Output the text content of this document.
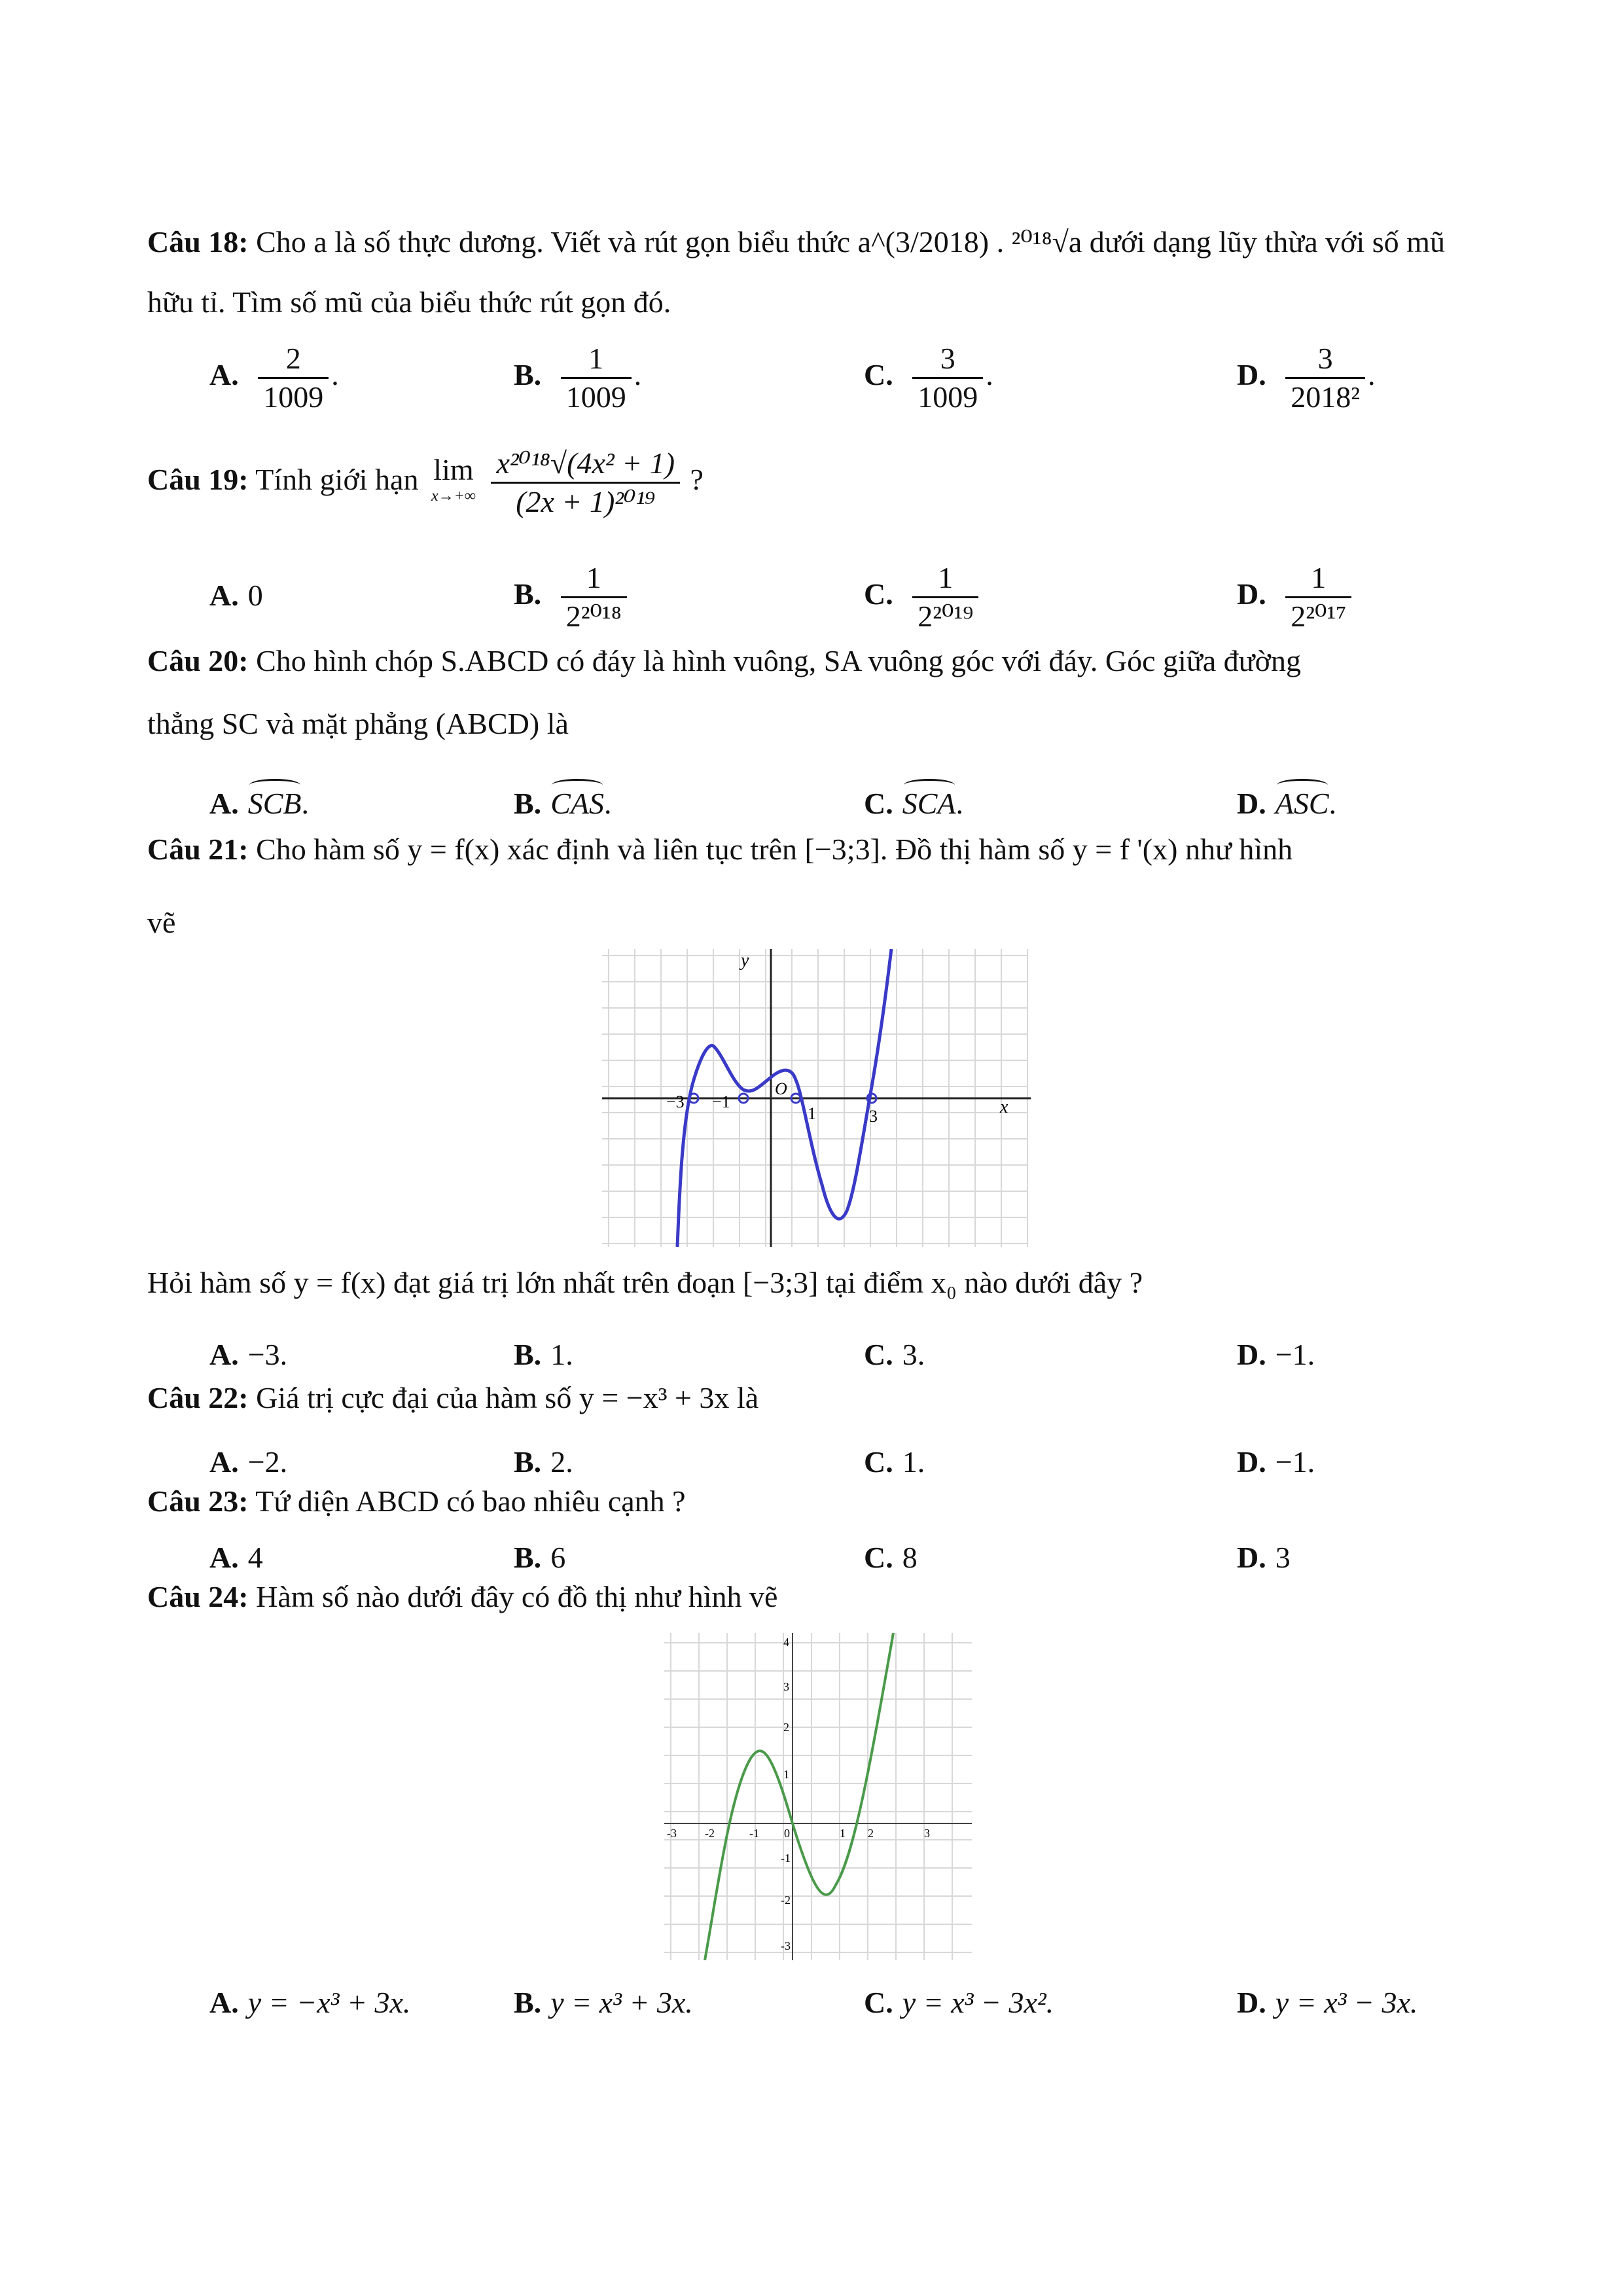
Câu 18: Cho a là số thực dương. Viết và rút gọn biểu thức a^(3/2018) . ²⁰¹⁸√a dưới dạng lũy thừa với số mũ
hữu tỉ. Tìm số mũ của biểu thức rút gọn đó.
A. $\frac{2}{1009}$ .	B. $\frac{1}{1009}$ .	C. $\frac{3}{1009}$ .	D. $\frac{3}{\text{2018²}}$ .
Câu 19: Tính giới hạn lim
x→+∞
$\frac{\text{x²⁰¹⁸√(4x² + 1)}}{\text{(2x + 1)²⁰¹⁹}}$ ?
A. 0	B. $\frac{1}{\text{2²⁰¹⁸}}$	C. $\frac{1}{\text{2²⁰¹⁹}}$	D. $\frac{1}{\text{2²⁰¹⁷}}$
Câu 20: Cho hình chóp S.ABCD có đáy là hình vuông, SA vuông góc với đáy. Góc giữa đường
thẳng SC và mặt phẳng (ABCD) là
A. SCB.	B. CAS.	C. SCA.	D. ASC.
Câu 21: Cho hàm số y = f(x) xác định và liên tục trên [−3;3]. Đồ thị hàm số y = f '(x) như hình
vẽ
−3 −1
O
1	3	x
y
Hỏi hàm số y = f(x) đạt giá trị lớn nhất trên đoạn [−3;3] tại điểm x₀ nào dưới đây ?
A. −3.	B. 1.	C. 3.	D. −1.
Câu 22: Giá trị cực đại của hàm số y = −x³ + 3x là
A. −2.	B. 2.	C. 1.	D. −1.
Câu 23: Tứ diện ABCD có bao nhiêu cạnh ?
A. 4	B. 6	C. 8	D. 3
Câu 24: Hàm số nào dưới đây có đồ thị như hình vẽ
-3 -2	-1 0	1 2	3
4
3
2
1
-1
-2
-3
A. y = −x³ + 3x.	B. y = x³ + 3x.	C. y = x³ − 3x².	D. y = x³ − 3x.
